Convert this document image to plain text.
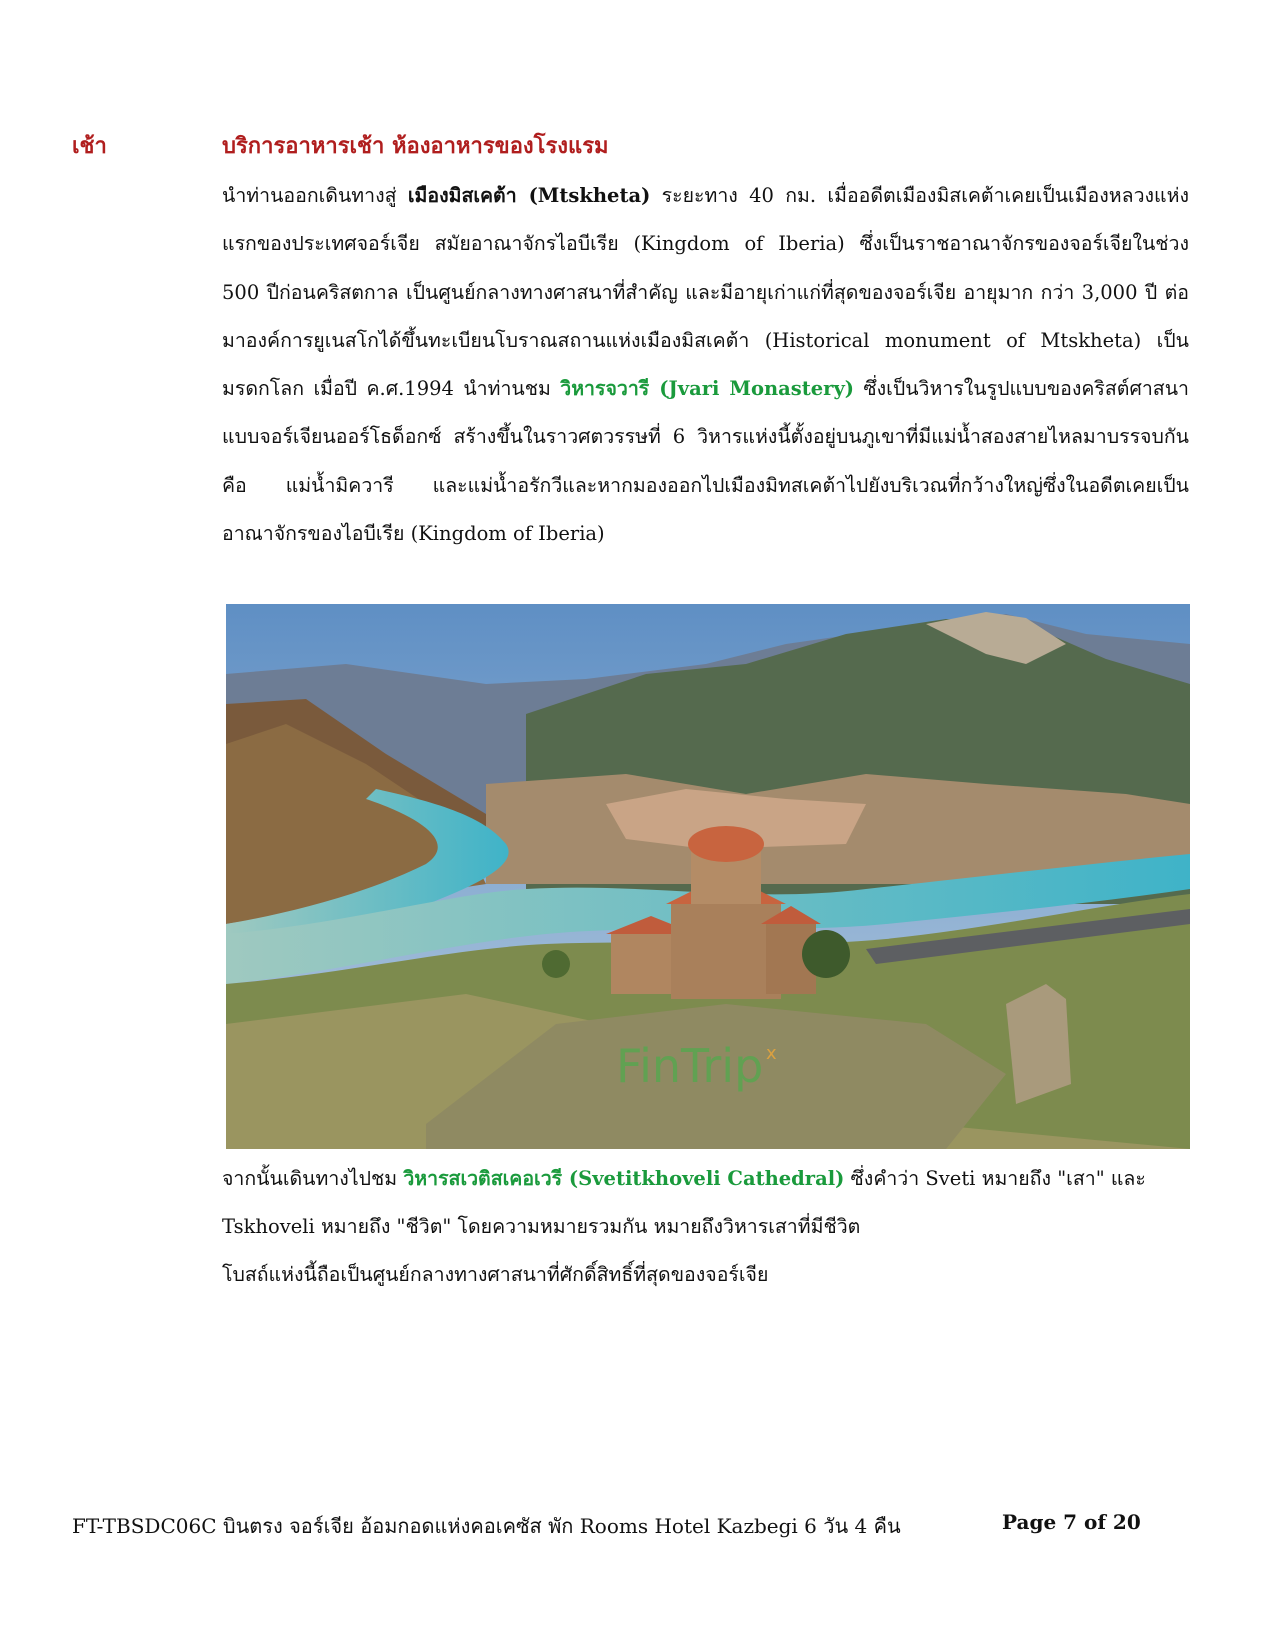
เช้า	บริการอาหารเช้า ห้องอาหารของโรงแรม
นำท่านออกเดินทางสู่ เมืองมิสเคต้า (Mtskheta) ระยะทาง 40 กม. เมื่ออดีตเมืองมิสเคต้าเคยเป็นเมืองหลวงแห่งแรกของประเทศจอร์เจีย สมัยอาณาจักรไอบีเรีย (Kingdom of Iberia) ซึ่งเป็นราชอาณาจักรของจอร์เจียในช่วง 500 ปีก่อนคริสตกาล เป็นศูนย์กลางทางศาสนาที่สำคัญ และมีอายุเก่าแก่ที่สุดของจอร์เจีย อายุมาก กว่า 3,000 ปี ต่อมาองค์การยูเนสโกได้ขึ้นทะเบียนโบราณสถานแห่งเมืองมิสเคต้า (Historical monument of Mtskheta) เป็นมรดกโลก เมื่อปี ค.ศ.1994 นำท่านชม วิหารจวารี (Jvari Monastery) ซึ่งเป็นวิหารในรูปแบบของคริสต์ศาสนาแบบจอร์เจียนออร์โธด็อกซ์ สร้างขึ้นในราวศตวรรษที่ 6 วิหารแห่งนี้ตั้งอยู่บนภูเขาที่มีแม่น้ำสองสายไหลมาบรรจบกัน คือ แม่น้ำมิควารี และแม่น้ำอรักวีและหากมองออกไปเมืองมิทสเคต้าไปยังบริเวณที่กว้างใหญ่ซึ่งในอดีตเคยเป็นอาณาจักรของไอบีเรีย (Kingdom of Iberia)
FinTrip x

จากนั้นเดินทางไปชม วิหารสเวติสเคอเวรี (Svetitkhoveli Cathedral) ซึ่งคำว่า Sveti หมายถึง "เสา" และ

Tskhoveli หมายถึง "ชีวิต" โดยความหมายรวมกัน หมายถึงวิหารเสาที่มีชีวิต

โบสถ์แห่งนี้ถือเป็นศูนย์กลางทางศาสนาที่ศักดิ์สิทธิ์ที่สุดของจอร์เจีย

FT-TBSDC06C บินตรง จอร์เจีย อ้อมกอดแห่งคอเคซัส พัก Rooms Hotel Kazbegi 6 วัน 4 คืน	Page 7 of 20
